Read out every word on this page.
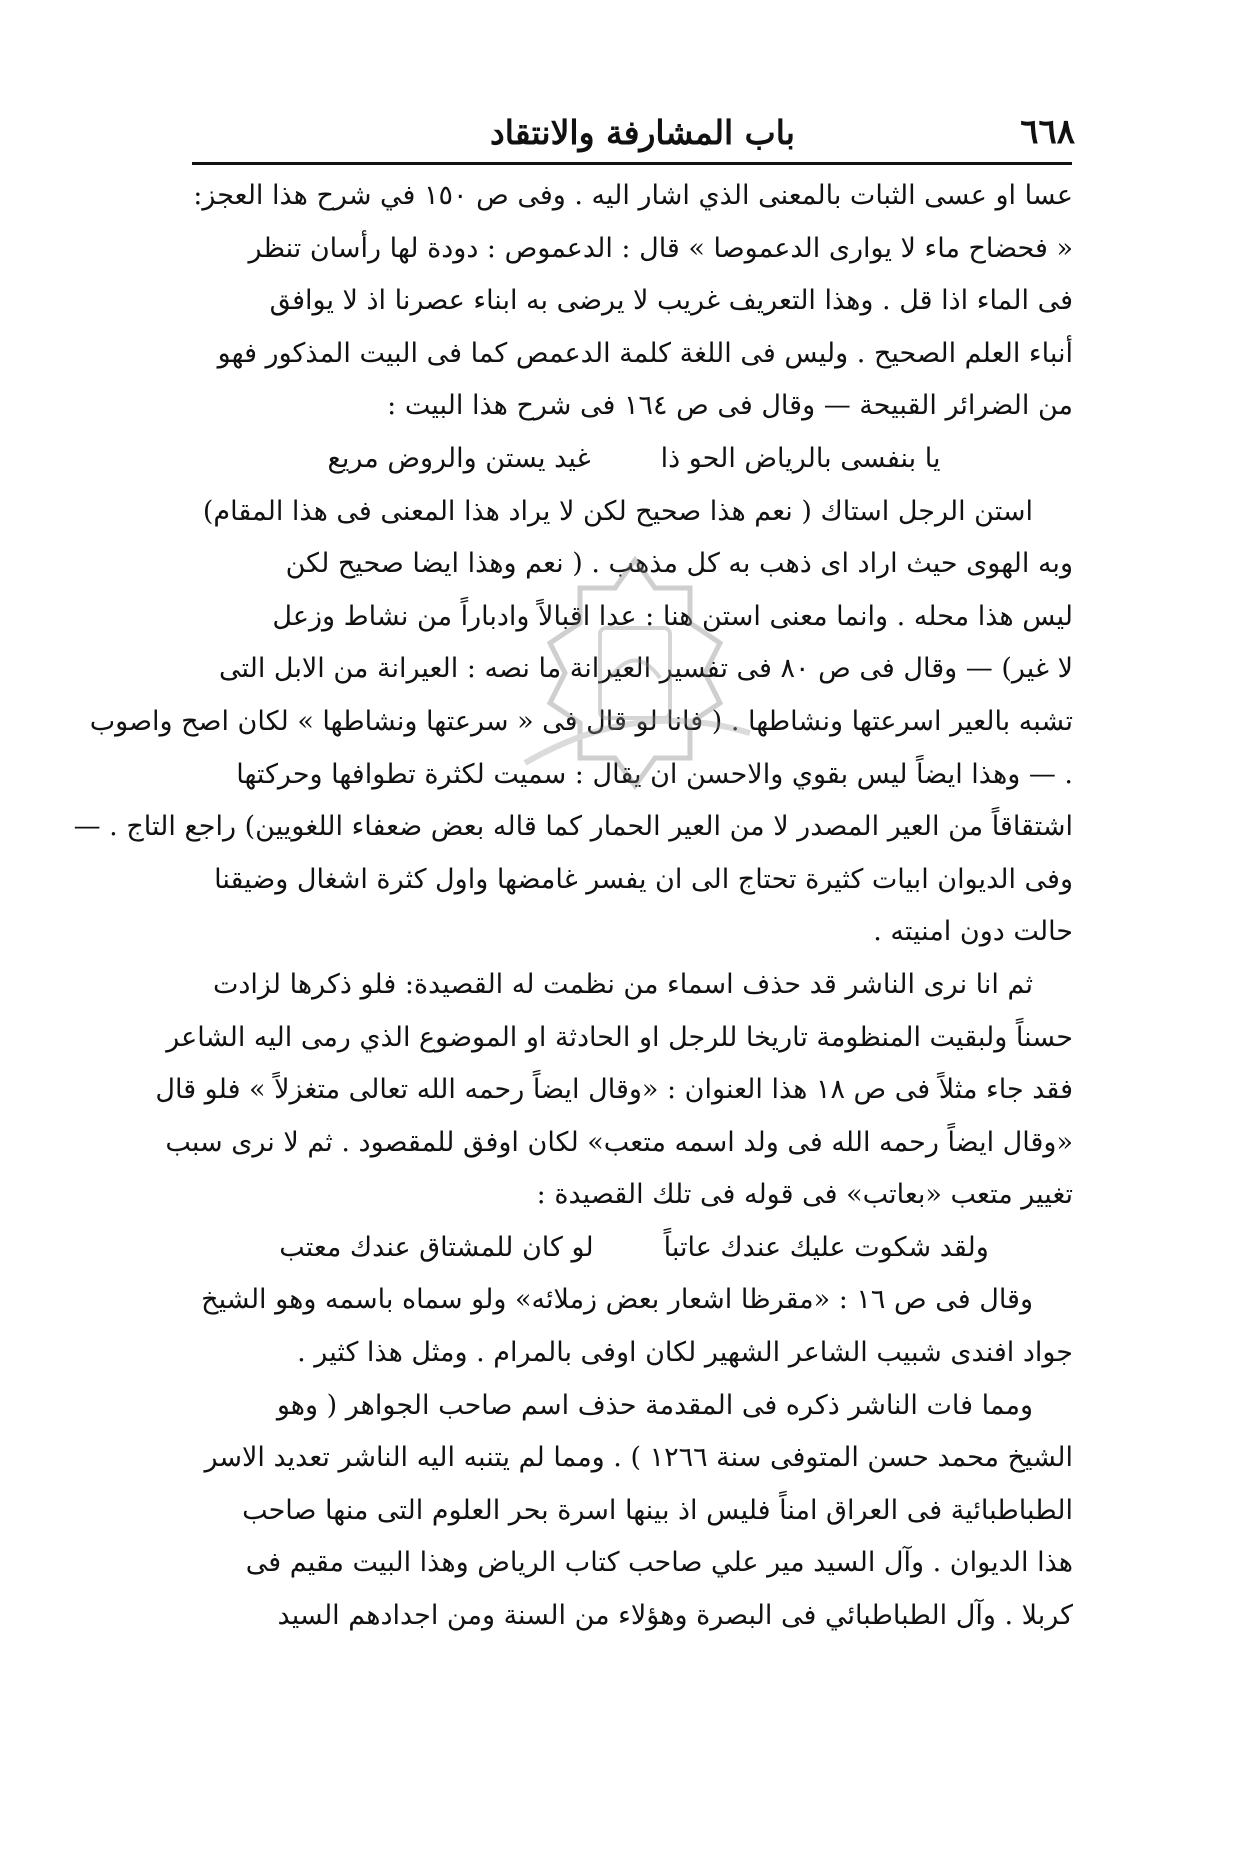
٦٦٨
باب المشارفة والانتقاد
عسا او عسى الثبات بالمعنى الذي اشار اليه . وفى ص ١٥٠ في شرح هذا العجز:
« فحضاح ماء لا يوارى الدعموصا » قال : الدعموص : دودة لها رأسان تنظر
فى الماء اذا قل . وهذا التعريف غريب لا يرضى به ابناء عصرنا اذ لا يوافق
أنباء العلم الصحيح . وليس فى اللغة كلمة الدعمص كما فى البيت المذكور فهو
من الضرائر القبيحة — وقال فى ص ١٦٤ فى شرح هذا البيت :
يا بنفسى بالرياض الحو ذا
غيد يستن والروض مريع
استن الرجل استاك ( نعم هذا صحيح لكن لا يراد هذا المعنى فى هذا المقام)
وبه الهوى حيث اراد اى ذهب به كل مذهب . ( نعم وهذا ايضا صحيح لكن
ليس هذا محله . وانما معنى استن هنا : عدا اقبالاً وادباراً من نشاط وزعل
لا غير) — وقال فى ص ٨٠ فى تفسير العيرانة ما نصه : العيرانة من الابل التى
تشبه بالعير اسرعتها ونشاطها . ( فانا لو قال فى « سرعتها ونشاطها » لكان اصح واصوب
. — وهذا ايضاً ليس بقوي والاحسن ان يقال : سميت لكثرة تطوافها وحركتها
اشتقاقاً من العير المصدر لا من العير الحمار كما قاله بعض ضعفاء اللغويين) راجع التاج . —
وفى الديوان ابيات كثيرة تحتاج الى ان يفسر غامضها واول كثرة اشغال وضيقنا
حالت دون امنيته .
ثم انا نرى الناشر قد حذف اسماء من نظمت له القصيدة: فلو ذكرها لزادت
حسناً ولبقيت المنظومة تاريخا للرجل او الحادثة او الموضوع الذي رمى اليه الشاعر
فقد جاء مثلاً فى ص ١٨ هذا العنوان : «وقال ايضاً رحمه الله تعالى متغزلاً » فلو قال
«وقال ايضاً رحمه الله فى ولد اسمه متعب» لكان اوفق للمقصود . ثم لا نرى سبب
تغيير متعب «بعاتب» فى قوله فى تلك القصيدة :
ولقد شكوت عليك عندك عاتباً
لو كان للمشتاق عندك معتب
وقال فى ص ١٦ : «مقرظا اشعار بعض زملائه» ولو سماه باسمه وهو الشيخ
جواد افندى شبيب الشاعر الشهير لكان اوفى بالمرام . ومثل هذا كثير .
ومما فات الناشر ذكره فى المقدمة حذف اسم صاحب الجواهر ( وهو
الشيخ محمد حسن المتوفى سنة ١٢٦٦ ) . ومما لم يتنبه اليه الناشر تعديد الاسر
الطباطبائية فى العراق امناً فليس اذ بينها اسرة بحر العلوم التى منها صاحب
هذا الديوان . وآل السيد مير علي صاحب كتاب الرياض وهذا البيت مقيم فى
كربلا . وآل الطباطبائي فى البصرة وهؤلاء من السنة ومن اجدادهم السيد
